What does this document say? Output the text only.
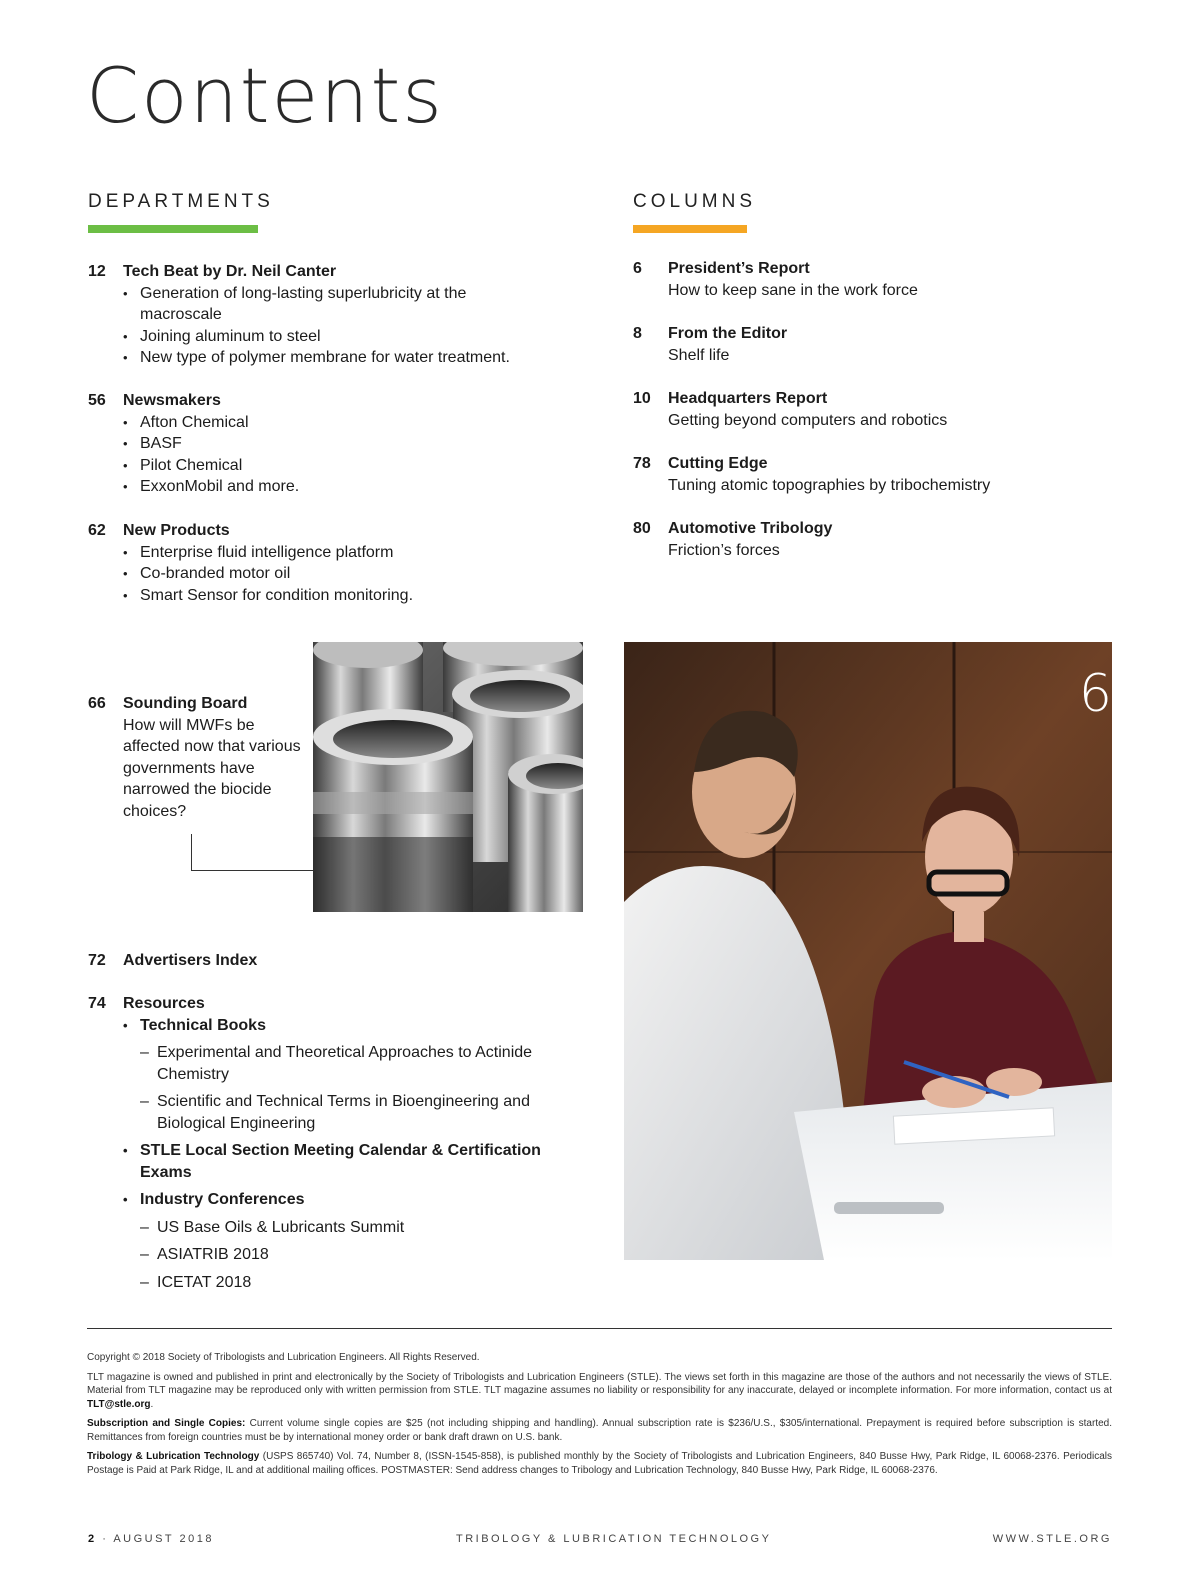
Contents
DEPARTMENTS	COLUMNS
12 Tech Beat by Dr. Neil Canter
• Generation of long-lasting superlubricity at the macroscale
• Joining aluminum to steel
• New type of polymer membrane for water treatment.
56 Newsmakers
• Afton Chemical
• BASF
• Pilot Chemical
• ExxonMobil and more.
62 New Products
• Enterprise fluid intelligence platform
• Co-branded motor oil
• Smart Sensor for condition monitoring.
6 President’s Report
How to keep sane in the work force
8 From the Editor
Shelf life
10 Headquarters Report
Getting beyond computers and robotics
78 Cutting Edge
Tuning atomic topographies by tribochemistry
80 Automotive Tribology
Friction’s forces
66 Sounding Board
How will MWFs be affected now that various governments have narrowed the biocide choices?
6
72 Advertisers Index
74 Resources
• Technical Books
– Experimental and Theoretical Approaches to Actinide Chemistry
– Scientific and Technical Terms in Bioengineering and Biological Engineering
• STLE Local Section Meeting Calendar & Certification Exams
• Industry Conferences
– US Base Oils & Lubricants Summit
– ASIATRIB 2018
– ICETAT 2018

Copyright © 2018 Society of Tribologists and Lubrication Engineers. All Rights Reserved.

TLT magazine is owned and published in print and electronically by the Society of Tribologists and Lubrication Engineers (STLE). The views set forth in this magazine are those of the authors and not necessarily the views of STLE. Material from TLT magazine may be reproduced only with written permission from STLE. TLT magazine assumes no liability or responsibility for any inaccurate, delayed or incomplete information. For more information, contact us at TLT@stle.org.

Subscription and Single Copies: Current volume single copies are $25 (not including shipping and handling). Annual subscription rate is $236/U.S., $305/international. Prepayment is required before subscription is started. Remittances from foreign countries must be by international money order or bank draft drawn on U.S. bank.

Tribology & Lubrication Technology (USPS 865740) Vol. 74, Number 8, (ISSN-1545-858), is published monthly by the Society of Tribologists and Lubrication Engineers, 840 Busse Hwy, Park Ridge, IL 60068-2376. Periodicals Postage is Paid at Park Ridge, IL and at additional mailing offices. POSTMASTER: Send address changes to Tribology and Lubrication Technology, 840 Busse Hwy, Park Ridge, IL 60068-2376.

2 · AUGUST 2018	TRIBOLOGY & LUBRICATION TECHNOLOGY	WWW.STLE.ORG
